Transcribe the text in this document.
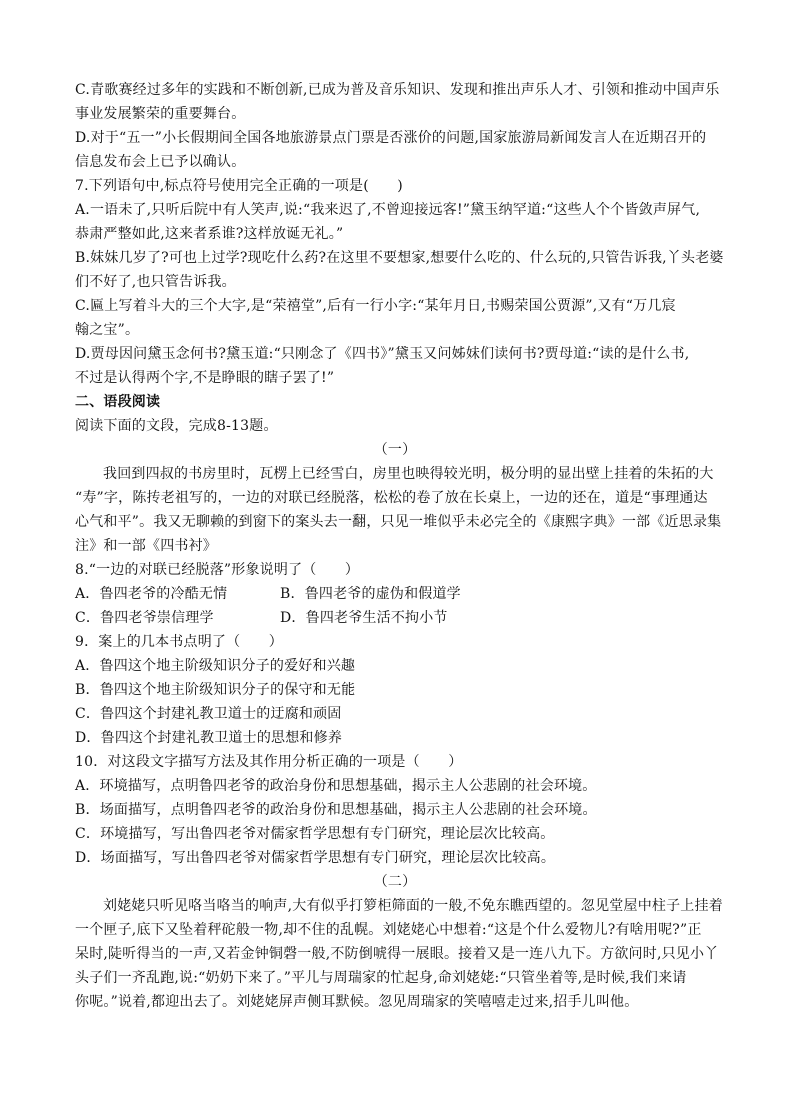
C.青歌赛经过多年的实践和不断创新,已成为普及音乐知识、发现和推出声乐人才、引领和推动中国声乐
事业发展繁荣的重要舞台。
D.对于“五一”小长假期间全国各地旅游景点门票是否涨价的问题,国家旅游局新闻发言人在近期召开的
信息发布会上已予以确认。
7.下列语句中,标点符号使用完全正确的一项是(　　)
A.一语未了,只听后院中有人笑声,说:“我来迟了,不曾迎接远客!”黛玉纳罕道:“这些人个个皆敛声屏气,
恭肃严整如此,这来者系谁?这样放诞无礼。”
B.妹妹几岁了?可也上过学?现吃什么药?在这里不要想家,想要什么吃的、什么玩的,只管告诉我,丫头老婆
们不好了,也只管告诉我。
C.匾上写着斗大的三个大字,是“荣禧堂”,后有一行小字:“某年月日,书赐荣国公贾源”,又有“万几宸
翰之宝”。
D.贾母因问黛玉念何书?黛玉道:“只刚念了《四书》”黛玉又问姊妹们读何书?贾母道:“读的是什么书,
不过是认得两个字,不是睁眼的瞎子罢了!”
二、语段阅读
阅读下面的文段，完成8-13题。
（一）
我回到四叔的书房里时，瓦楞上已经雪白，房里也映得较光明，极分明的显出壁上挂着的朱拓的大
“寿”字，陈抟老祖写的，一边的对联已经脱落，松松的卷了放在长桌上，一边的还在，道是“事理通达
心气和平”。我又无聊赖的到窗下的案头去一翻，只见一堆似乎未必完全的《康熙字典》一部《近思录集
注》和一部《四书衬》
8.“一边的对联已经脱落”形象说明了（　　）
A．鲁四老爷的冷酷无情	B．鲁四老爷的虚伪和假道学
C．鲁四老爷崇信理学	D．鲁四老爷生活不拘小节
9．案上的几本书点明了（　　）
A．鲁四这个地主阶级知识分子的爱好和兴趣
B．鲁四这个地主阶级知识分子的保守和无能
C．鲁四这个封建礼教卫道士的迂腐和顽固
D．鲁四这个封建礼教卫道士的思想和修养
10．对这段文字描写方法及其作用分析正确的一项是（　　）
A．环境描写，点明鲁四老爷的政治身份和思想基础，揭示主人公悲剧的社会环境。
B．场面描写，点明鲁四老爷的政治身份和思想基础，揭示主人公悲剧的社会环境。
C．环境描写，写出鲁四老爷对儒家哲学思想有专门研究，理论层次比较高。
D．场面描写，写出鲁四老爷对儒家哲学思想有专门研究，理论层次比较高。
（二）
刘姥姥只听见咯当咯当的响声,大有似乎打箩柜筛面的一般,不免东瞧西望的。忽见堂屋中柱子上挂着
一个匣子,底下又坠着秤砣般一物,却不住的乱幌。刘姥姥心中想着:“这是个什么爱物儿?有啥用呢?”正
呆时,陡听得当的一声,又若金钟铜磬一般,不防倒唬得一展眼。接着又是一连八九下。方欲问时,只见小丫
头子们一齐乱跑,说:“奶奶下来了。”平儿与周瑞家的忙起身,命刘姥姥:“只管坐着等,是时候,我们来请
你呢。”说着,都迎出去了。刘姥姥屏声侧耳默候。忽见周瑞家的笑嘻嘻走过来,招手儿叫他。
